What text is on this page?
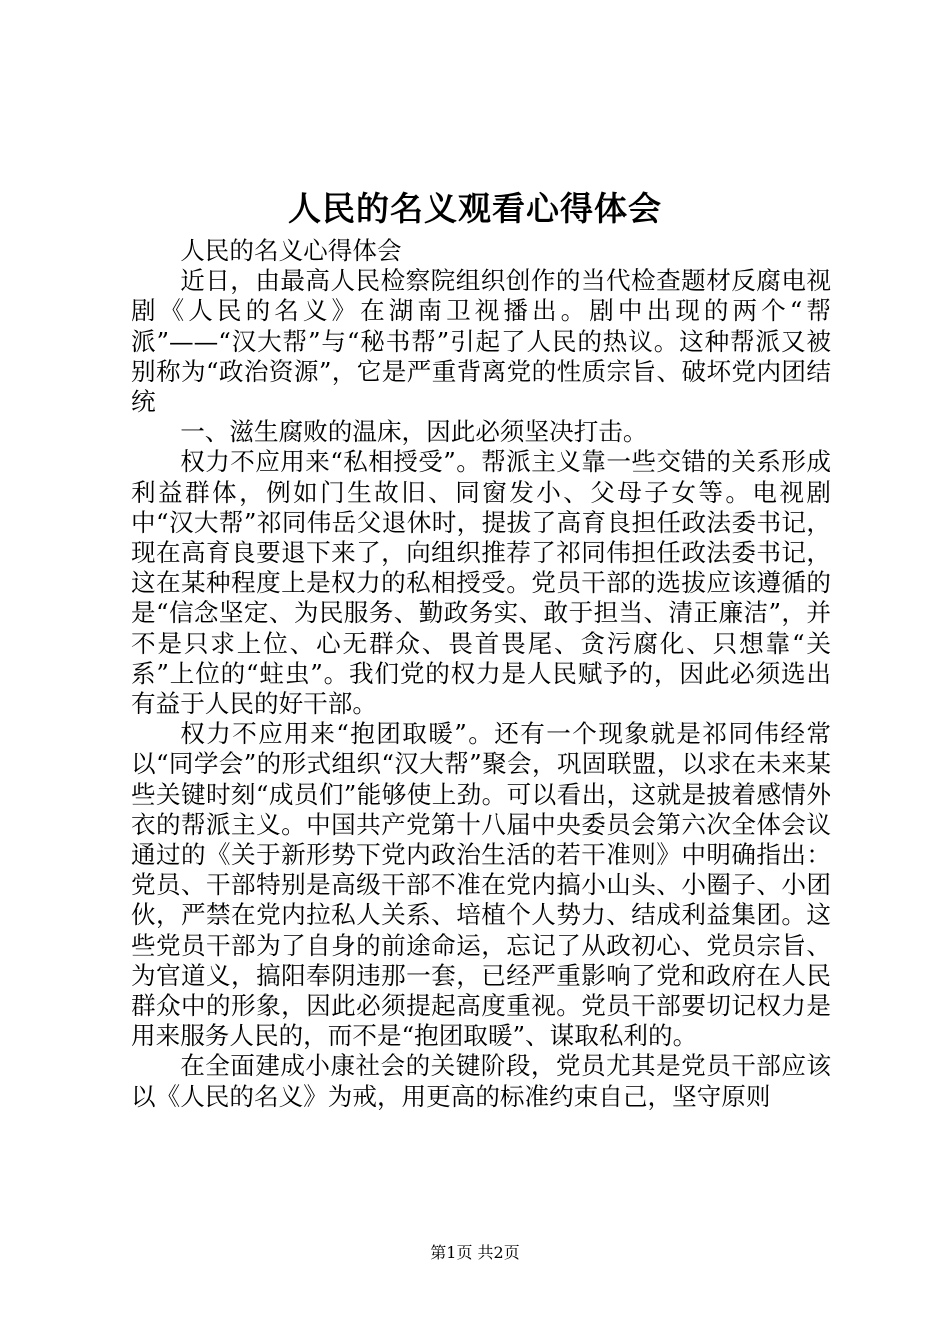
人民的名义观看心得体会

人民的名义心得体会

近日，由最高人民检察院组织创作的当代检查题材反腐电视剧《人民的名义》在湖南卫视播出。剧中出现的两个“帮派”——“汉大帮”与“秘书帮”引起了人民的热议。这种帮派又被别称为“政治资源”，它是严重背离党的性质宗旨、破坏党内团结统

一、滋生腐败的温床，因此必须坚决打击。

权力不应用来“私相授受”。帮派主义靠一些交错的关系形成利益群体，例如门生故旧、同窗发小、父母子女等。电视剧中“汉大帮”祁同伟岳父退休时，提拔了高育良担任政法委书记，现在高育良要退下来了，向组织推荐了祁同伟担任政法委书记，这在某种程度上是权力的私相授受。党员干部的选拔应该遵循的是“信念坚定、为民服务、勤政务实、敢于担当、清正廉洁”，并不是只求上位、心无群众、畏首畏尾、贪污腐化、只想靠“关系”上位的“蛀虫”。我们党的权力是人民赋予的，因此必须选出有益于人民的好干部。

权力不应用来“抱团取暖”。还有一个现象就是祁同伟经常以“同学会”的形式组织“汉大帮”聚会，巩固联盟，以求在未来某些关键时刻“成员们”能够使上劲。可以看出，这就是披着感情外衣的帮派主义。中国共产党第十八届中央委员会第六次全体会议通过的《关于新形势下党内政治生活的若干准则》中明确指出：党员、干部特别是高级干部不准在党内搞小山头、小圈子、小团伙，严禁在党内拉私人关系、培植个人势力、结成利益集团。这些党员干部为了自身的前途命运，忘记了从政初心、党员宗旨、为官道义，搞阳奉阴违那一套，已经严重影响了党和政府在人民群众中的形象，因此必须提起高度重视。党员干部要切记权力是用来服务人民的，而不是“抱团取暖”、谋取私利的。

在全面建成小康社会的关键阶段，党员尤其是党员干部应该以《人民的名义》为戒，用更高的标准约束自己，坚守原则

第1页 共2页
